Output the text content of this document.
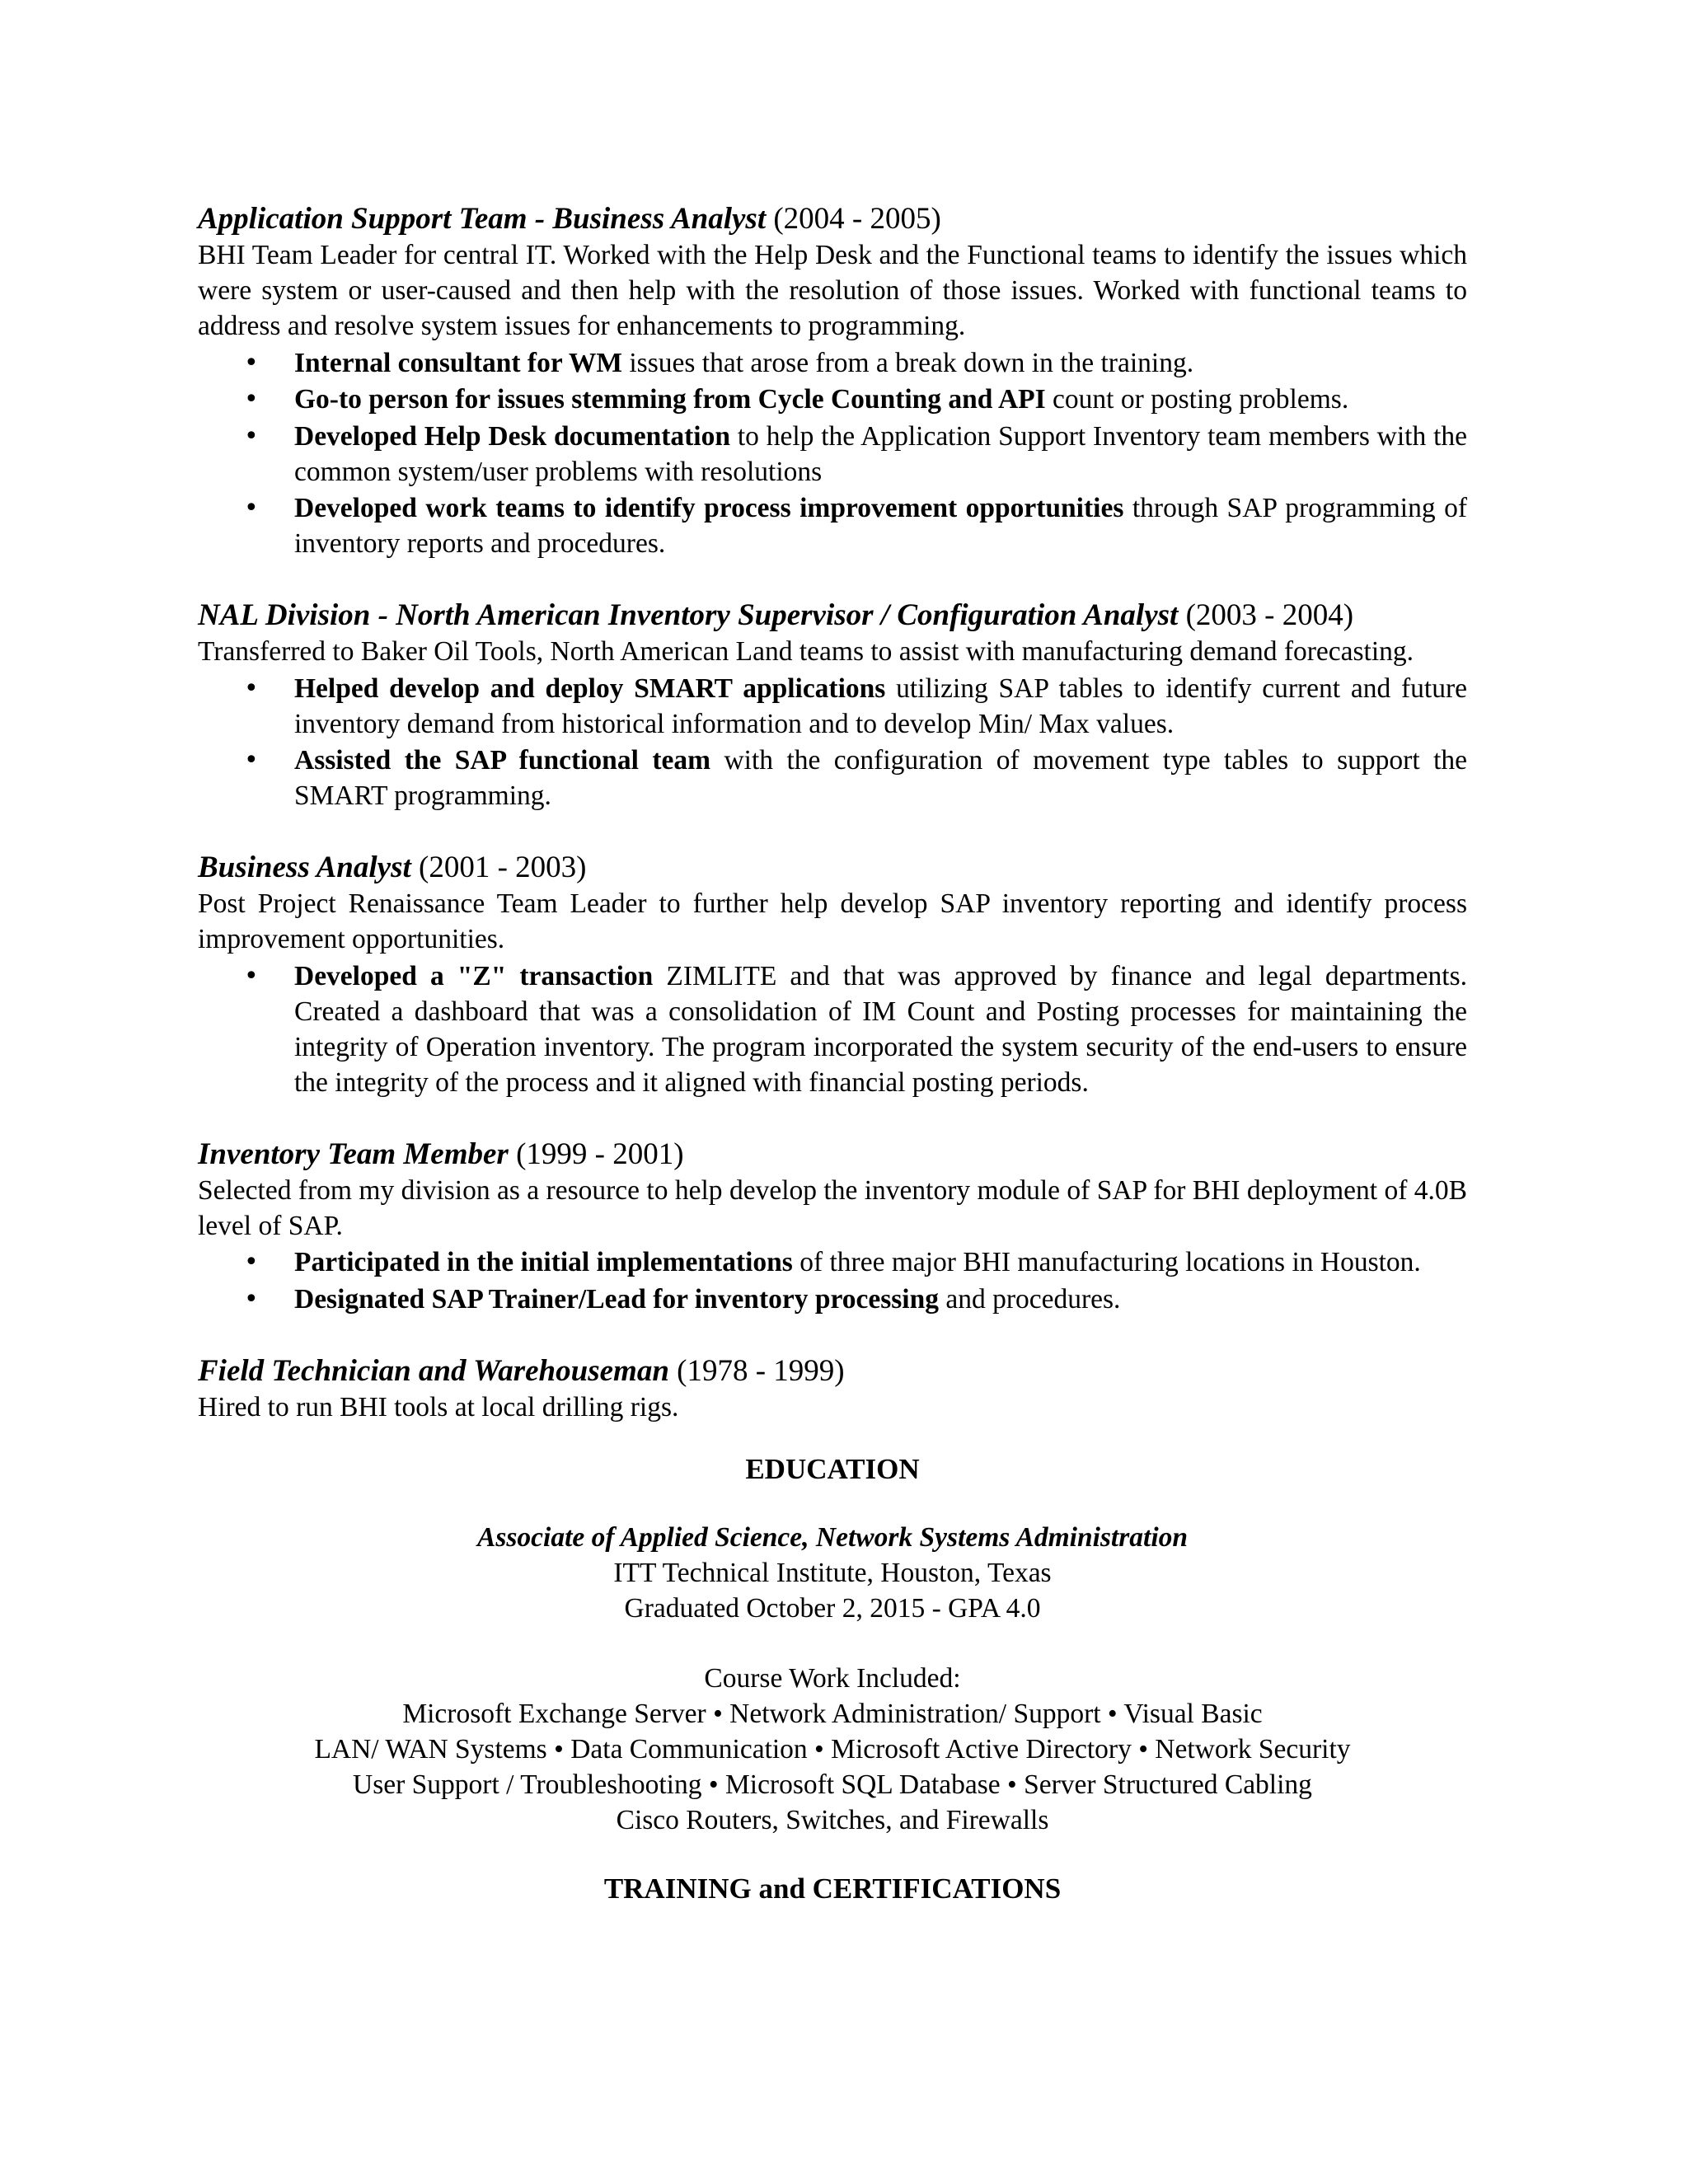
Application Support Team - Business Analyst (2004 - 2005)

BHI Team Leader for central IT. Worked with the Help Desk and the Functional teams to identify the issues which were system or user-caused and then help with the resolution of those issues. Worked with functional teams to address and resolve system issues for enhancements to programming.

• Internal consultant for WM issues that arose from a break down in the training.
• Go-to person for issues stemming from Cycle Counting and API count or posting problems.
• Developed Help Desk documentation to help the Application Support Inventory team members with the common system/user problems with resolutions
• Developed work teams to identify process improvement opportunities through SAP programming of inventory reports and procedures.

NAL Division - North American Inventory Supervisor / Configuration Analyst (2003 - 2004)

Transferred to Baker Oil Tools, North American Land teams to assist with manufacturing demand forecasting.

• Helped develop and deploy SMART applications utilizing SAP tables to identify current and future inventory demand from historical information and to develop Min/ Max values.
• Assisted the SAP functional team with the configuration of movement type tables to support the SMART programming.

Business Analyst (2001 - 2003)

Post Project Renaissance Team Leader to further help develop SAP inventory reporting and identify process improvement opportunities.

• Developed a "Z" transaction ZIMLITE and that was approved by finance and legal departments. Created a dashboard that was a consolidation of IM Count and Posting processes for maintaining the integrity of Operation inventory. The program incorporated the system security of the end-users to ensure the integrity of the process and it aligned with financial posting periods.

Inventory Team Member (1999 - 2001)

Selected from my division as a resource to help develop the inventory module of SAP for BHI deployment of 4.0B level of SAP.

• Participated in the initial implementations of three major BHI manufacturing locations in Houston.
• Designated SAP Trainer/Lead for inventory processing and procedures.

Field Technician and Warehouseman (1978 - 1999)

Hired to run BHI tools at local drilling rigs.

EDUCATION

Associate of Applied Science, Network Systems Administration

ITT Technical Institute, Houston, Texas

Graduated October 2, 2015 - GPA 4.0

Course Work Included:

Microsoft Exchange Server • Network Administration/ Support • Visual Basic

LAN/ WAN Systems • Data Communication • Microsoft Active Directory • Network Security

User Support / Troubleshooting • Microsoft SQL Database • Server Structured Cabling

Cisco Routers, Switches, and Firewalls

TRAINING and CERTIFICATIONS
